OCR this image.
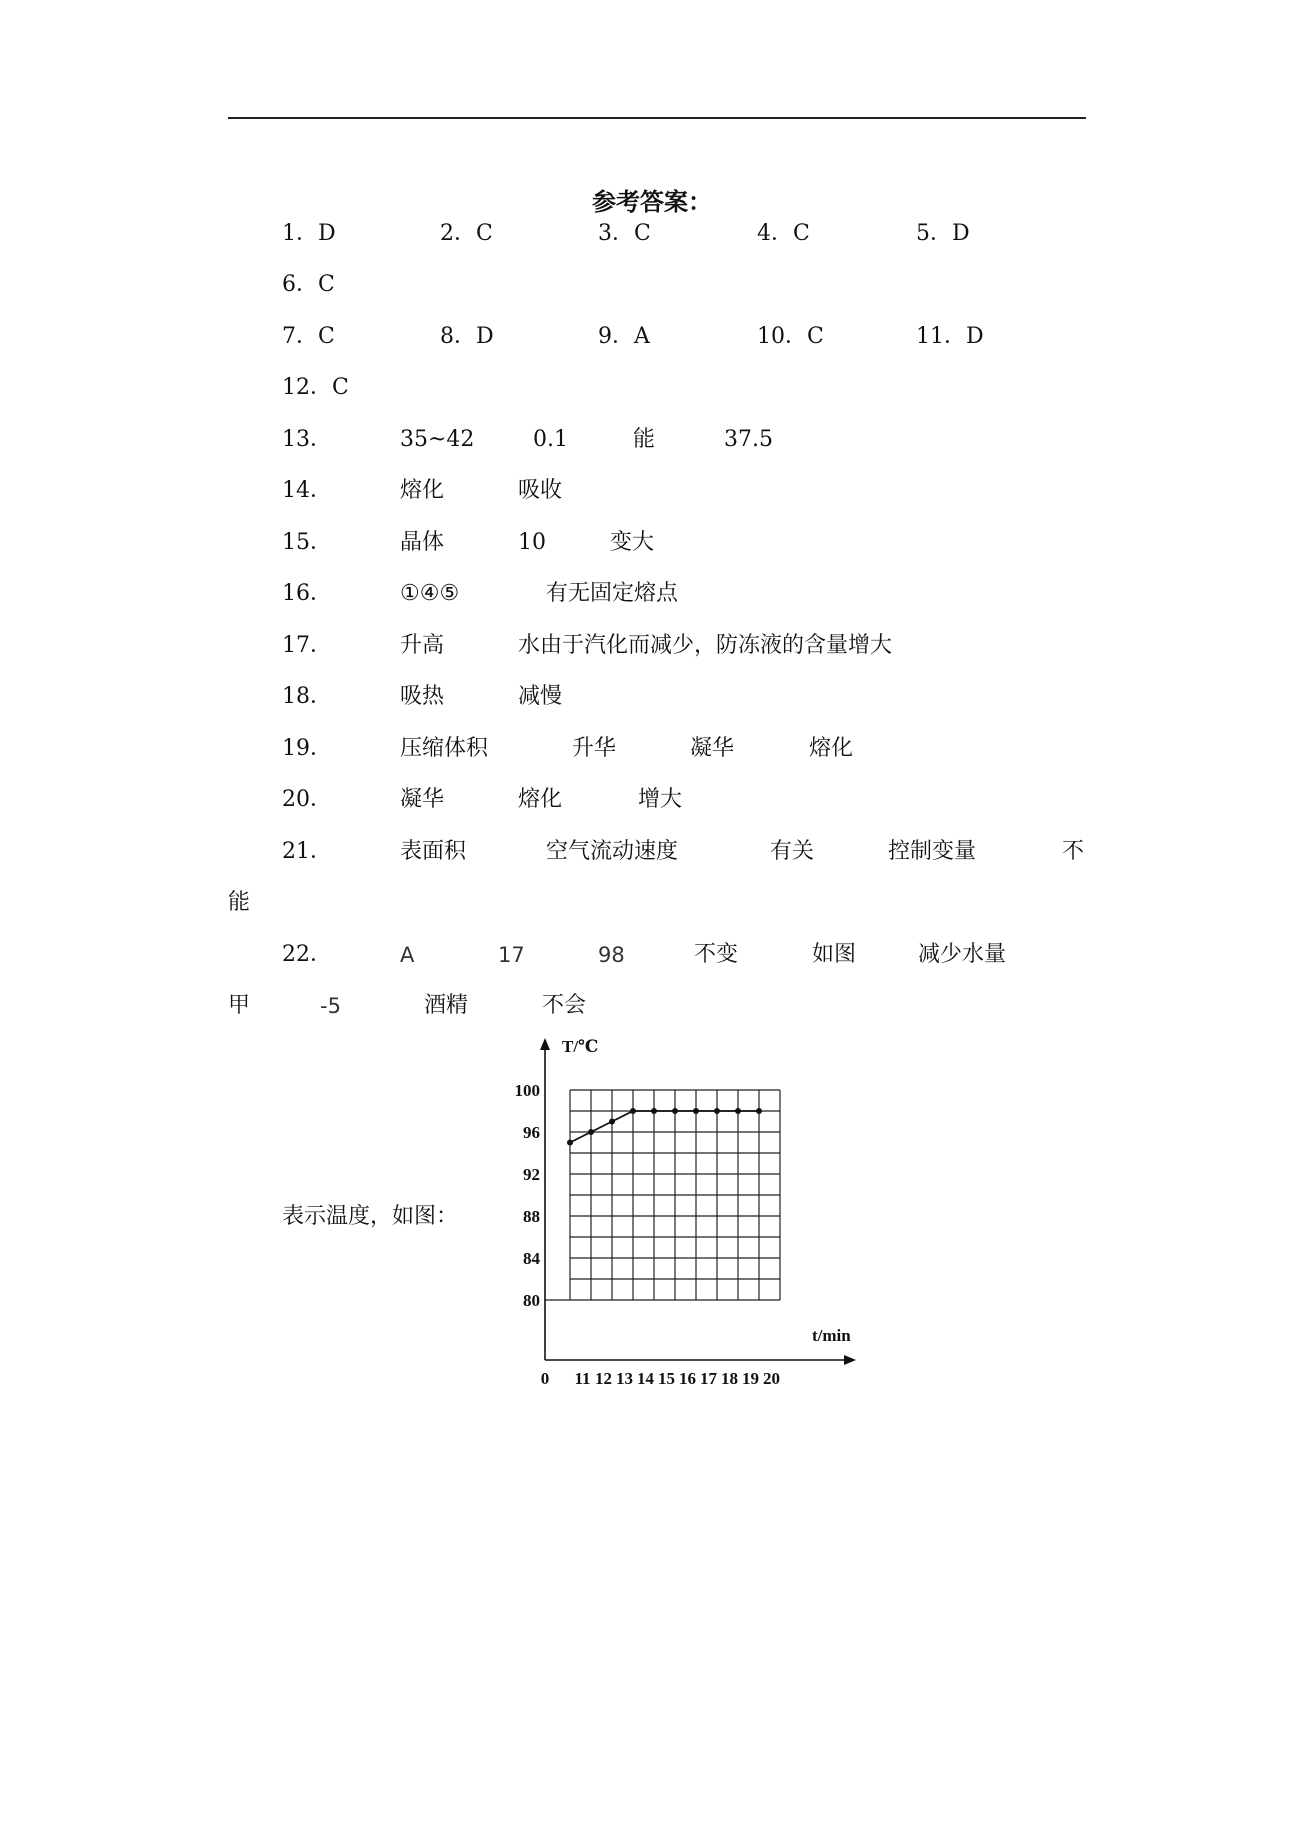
参考答案：
1．D	2．C	3．C	4．C	5．D
6．C
7．C	8．D	9．A	10．C	11．D
12．C
13．	35~42	0.1	能	37.5
14．	熔化	吸收
15．	晶体	10	变大
16．	①④⑤	有无固定熔点
17．	升高	水由于汽化而减少，防冻液的含量增大
18．	吸热	减慢
19．	压缩体积	升华	凝华	熔化
20．	凝华	熔化	增大
21．	表面积	空气流动速度	有关	控制变量	不
能
22．	A	17	98	不变	如图	减少水量
甲	-5	酒精	不会
表示温度，如图：
T/℃
t/min
80
84
88
92
96
100
0 11 12 13 14 15 16 17 18 19 20
